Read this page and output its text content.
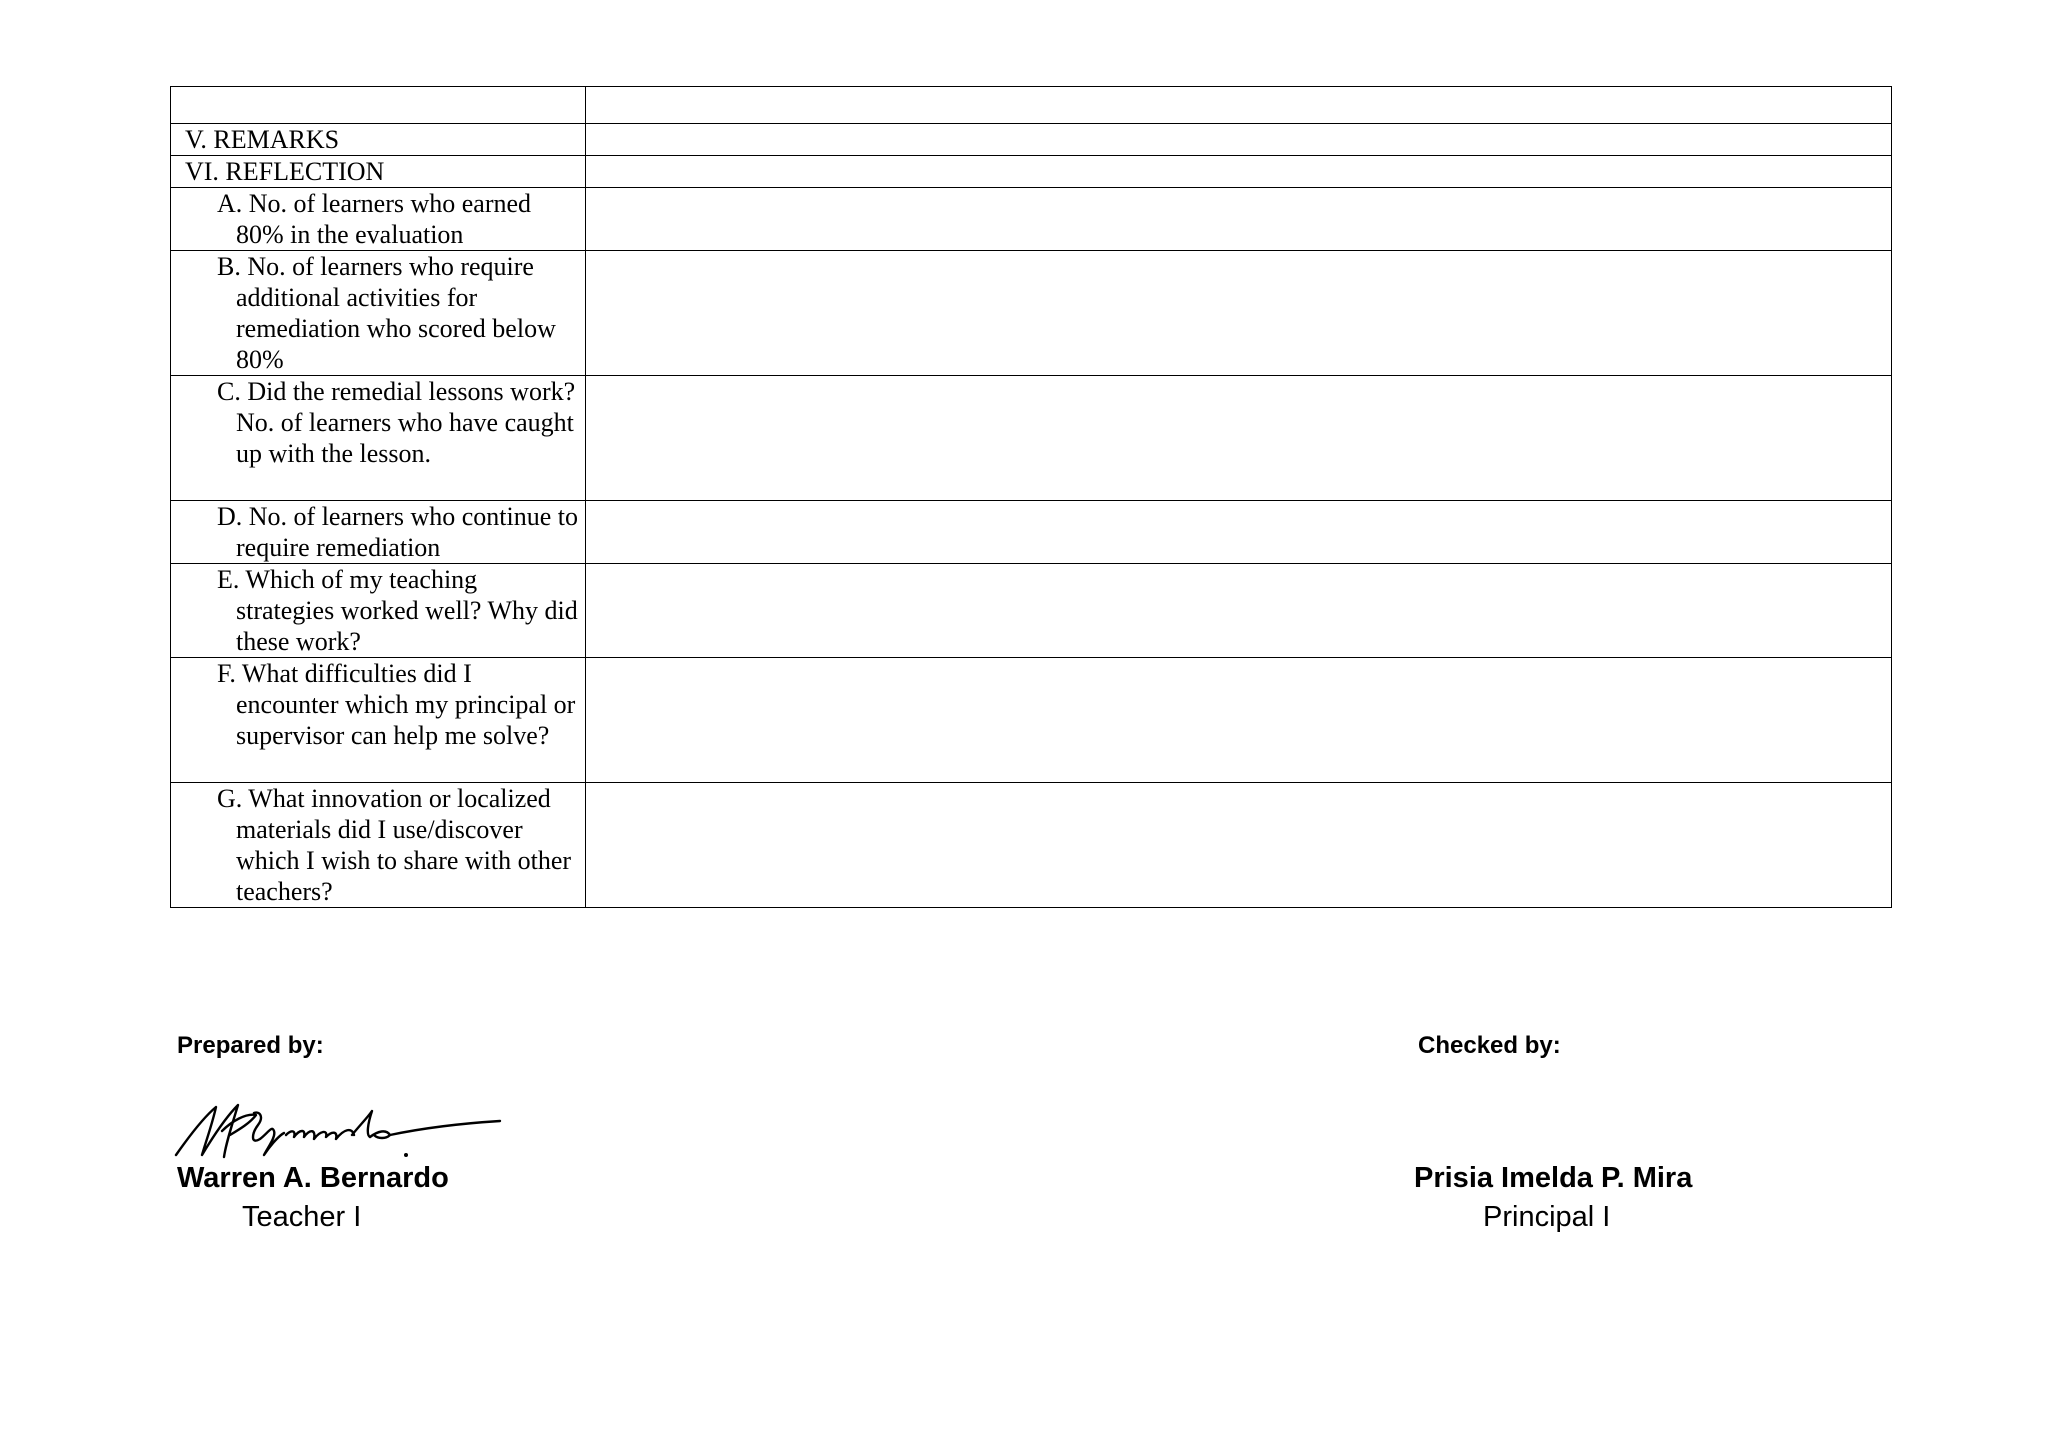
V. REMARKS	

VI. REFLECTION	

A. No. of learners who earned 80% in the evaluation	

B. No. of learners who require additional activities for remediation who scored below 80%	

C. Did the remedial lessons work? No. of learners who have caught up with the lesson.	

D. No. of learners who continue to require remediation	

E. Which of my teaching strategies worked well? Why did these work?	

F. What difficulties did I encounter which my principal or supervisor can help me solve?	

G. What innovation or localized materials did I use/discover which I wish to share with other teachers?	

Prepared by:
Warren A. Bernardo
Teacher I
Checked by:
Prisia Imelda P. Mira
Principal I
